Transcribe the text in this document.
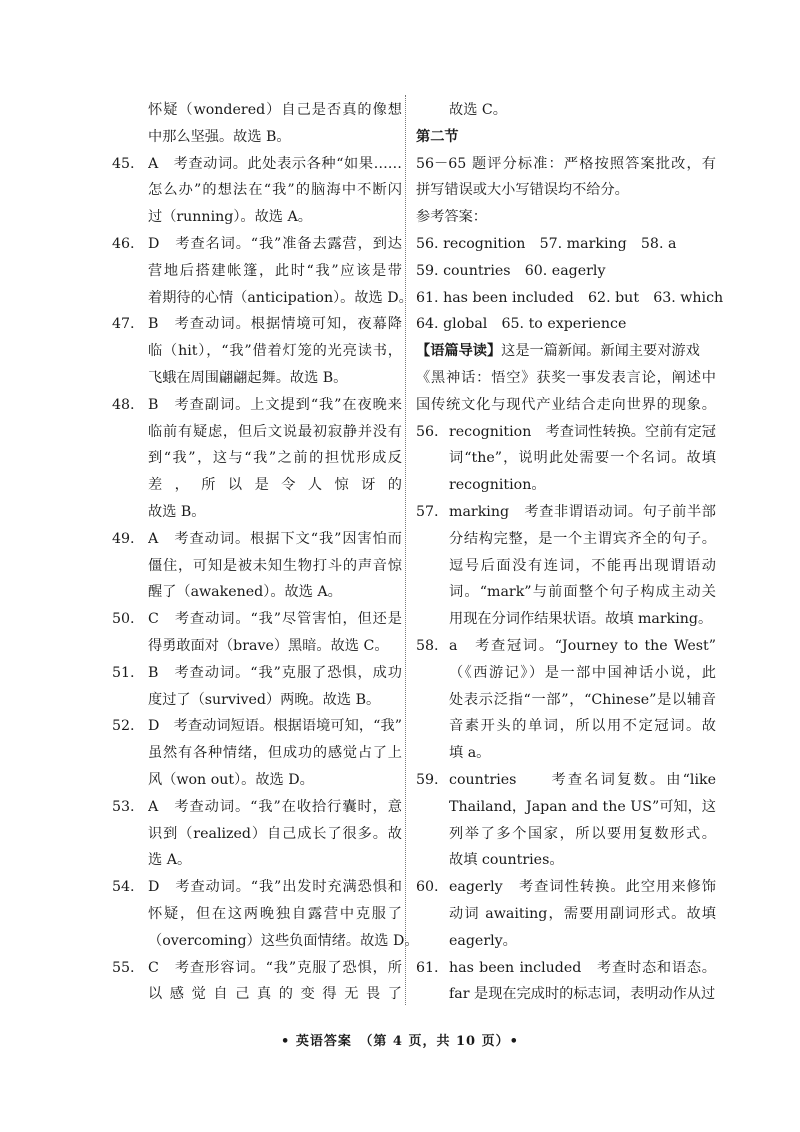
怀疑（wondered）自己是否真的像想
中那么坚强。故选 B。
45. A　考查动词。此处表示各种“如果……
怎么办”的想法在“我”的脑海中不断闪
过（running）。故选 A。
46. D　考查名词。“我”准备去露营，到达
营地后搭建帐篷，此时“我”应该是带
着期待的心情（anticipation）。故选 D。
47. B　考查动词。根据情境可知，夜幕降
临（hit），“我”借着灯笼的光亮读书，
飞蛾在周围翩翩起舞。故选 B。
48. B　考查副词。上文提到“我”在夜晚来
临前有疑虑，但后文说最初寂静并没有
到“我”，这与“我”之前的担忧形成反
差，所以是令人惊讶的
故选 B。
49. A　考查动词。根据下文“我”因害怕而
僵住，可知是被未知生物打斗的声音惊
醒了（awakened）。故选 A。
50. C　考查动词。“我”尽管害怕，但还是
得勇敢面对（brave）黑暗。故选 C。
51. B　考查动词。“我”克服了恐惧，成功
度过了（survived）两晚。故选 B。
52. D　考查动词短语。根据语境可知，“我”
虽然有各种情绪，但成功的感觉占了上
风（won out）。故选 D。
53. A　考查动词。“我”在收拾行囊时，意
识到（realized）自己成长了很多。故
选 A。
54. D　考查动词。“我”出发时充满恐惧和
怀疑，但在这两晚独自露营中克服了
（overcoming）这些负面情绪。故选 D。
55. C　考查形容词。“我”克服了恐惧，所
以感觉自己真的变得无畏了
故选 C。
第二节
56－65 题评分标准：严格按照答案批改，有
拼写错误或大小写错误均不给分。
参考答案：
56. recognition　57. marking　58. a
59. countries　60. eagerly
61. has been included　62. but　63. which
64. global　65. to experience
【语篇导读】这是一篇新闻。新闻主要对游戏
《黑神话：悟空》获奖一事发表言论，阐述中
国传统文化与现代产业结合走向世界的现象。
56. recognition　考查词性转换。空前有定冠
词“the”，说明此处需要一个名词。故填
recognition。
57. marking　考查非谓语动词。句子前半部
分结构完整，是一个主谓宾齐全的句子。
逗号后面没有连词，不能再出现谓语动
词。“mark”与前面整个句子构成主动关
用现在分词作结果状语。故填 marking。
58. a　考查冠词。“Journey to the West”
（《西游记》）是一部中国神话小说，此
处表示泛指“一部”，“Chinese”是以辅音
音素开头的单词，所以用不定冠词。故
填 a。
59. countries　　考查名词复数。由“like
Thailand，Japan and the US”可知，这
列举了多个国家，所以要用复数形式。
故填 countries。
60. eagerly　考查词性转换。此空用来修饰
动词 awaiting，需要用副词形式。故填
eagerly。
61. has been included　考查时态和语态。
far 是现在完成时的标志词，表明动作从过
• 英语答案　（第 4 页，共 10 页）•
